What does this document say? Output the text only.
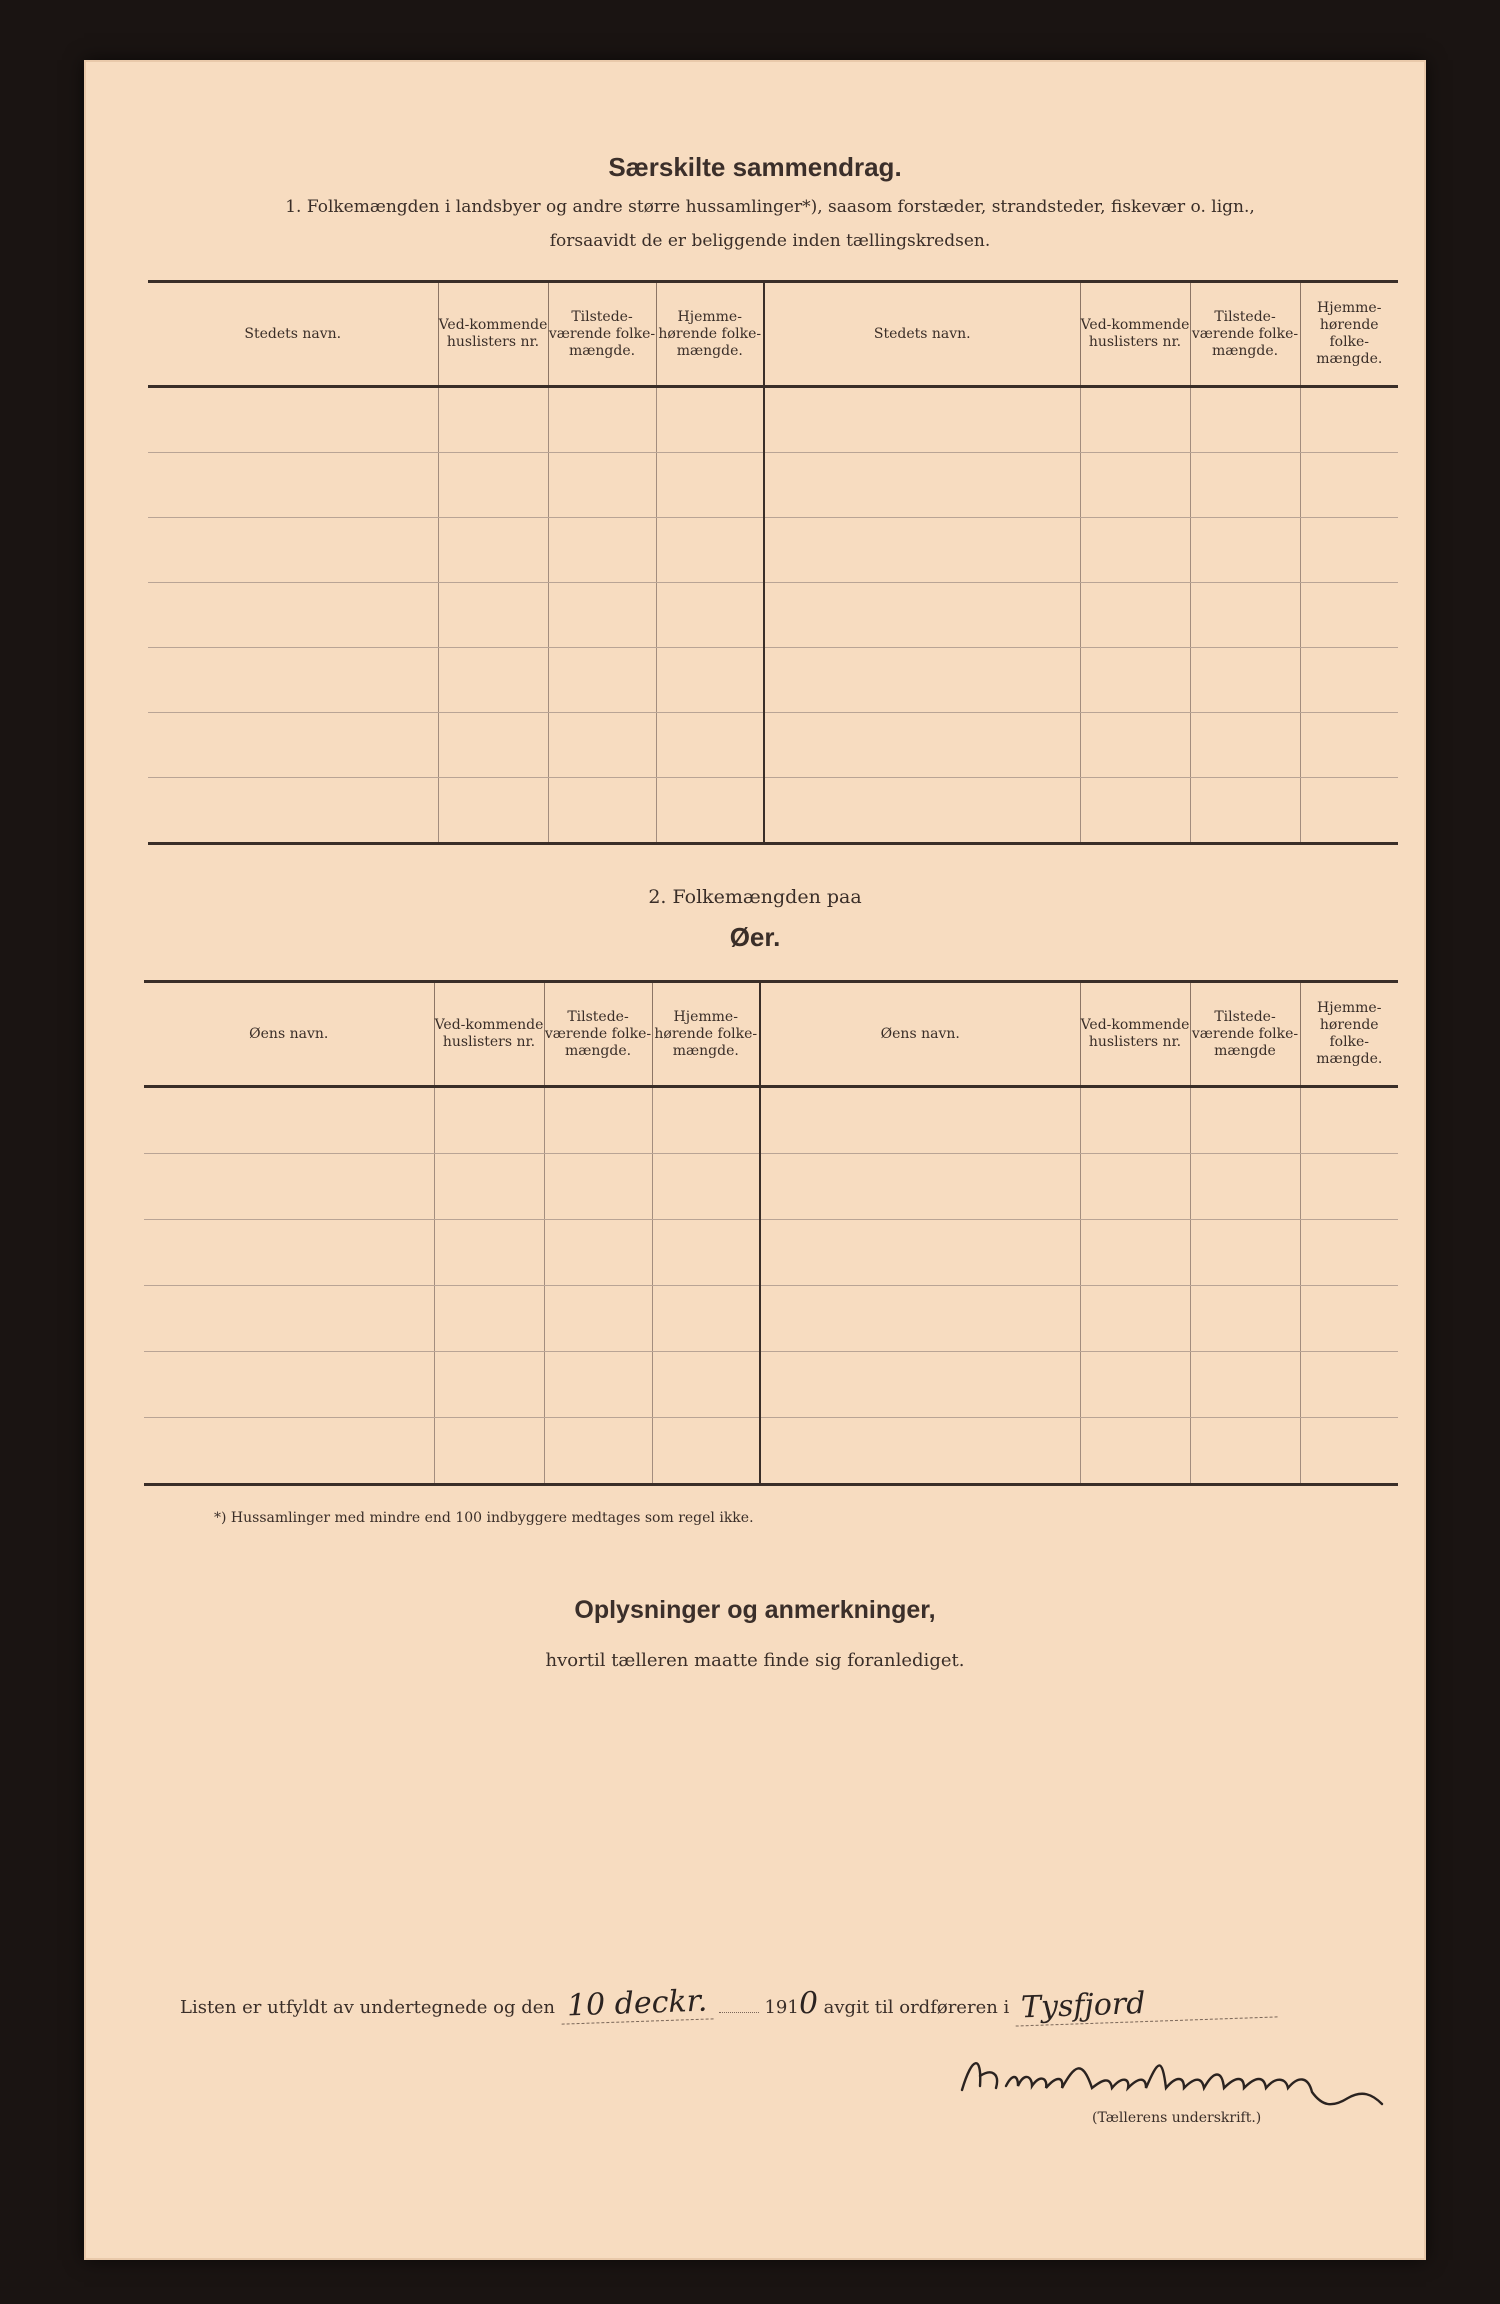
Særskilte sammendrag.
1. Folkemængden i landsbyer og andre større hussamlinger*), saasom forstæder, strandsteder, fiskevær o. lign.,
forsaavidt de er beliggende inden tællingskredsen.
Stedets navn.	Ved-kommende huslisters nr.	Tilstede-værende folke-mængde.	Hjemme-hørende folke-mængde.	Stedets navn.	Ved-kommende huslisters nr.	Tilstede-værende folke-mængde.	Hjemme-hørende folke-mængde.

2. Folkemængden paa
Øer.
Øens navn.	Ved-kommende huslisters nr.	Tilstede-værende folke-mængde.	Hjemme-hørende folke-mængde.	Øens navn.	Ved-kommende huslisters nr.	Tilstede-værende folke-mængde	Hjemme-hørende folke-mængde.

*) Hussamlinger med mindre end 100 indbyggere medtages som regel ikke.
Oplysninger og anmerkninger,
hvortil tælleren maatte finde sig foranlediget.
Listen er utfyldt av undertegnede og den 10 deckr.	1910 avgit til ordføreren i Tysfjord
(Tællerens underskrift.)
